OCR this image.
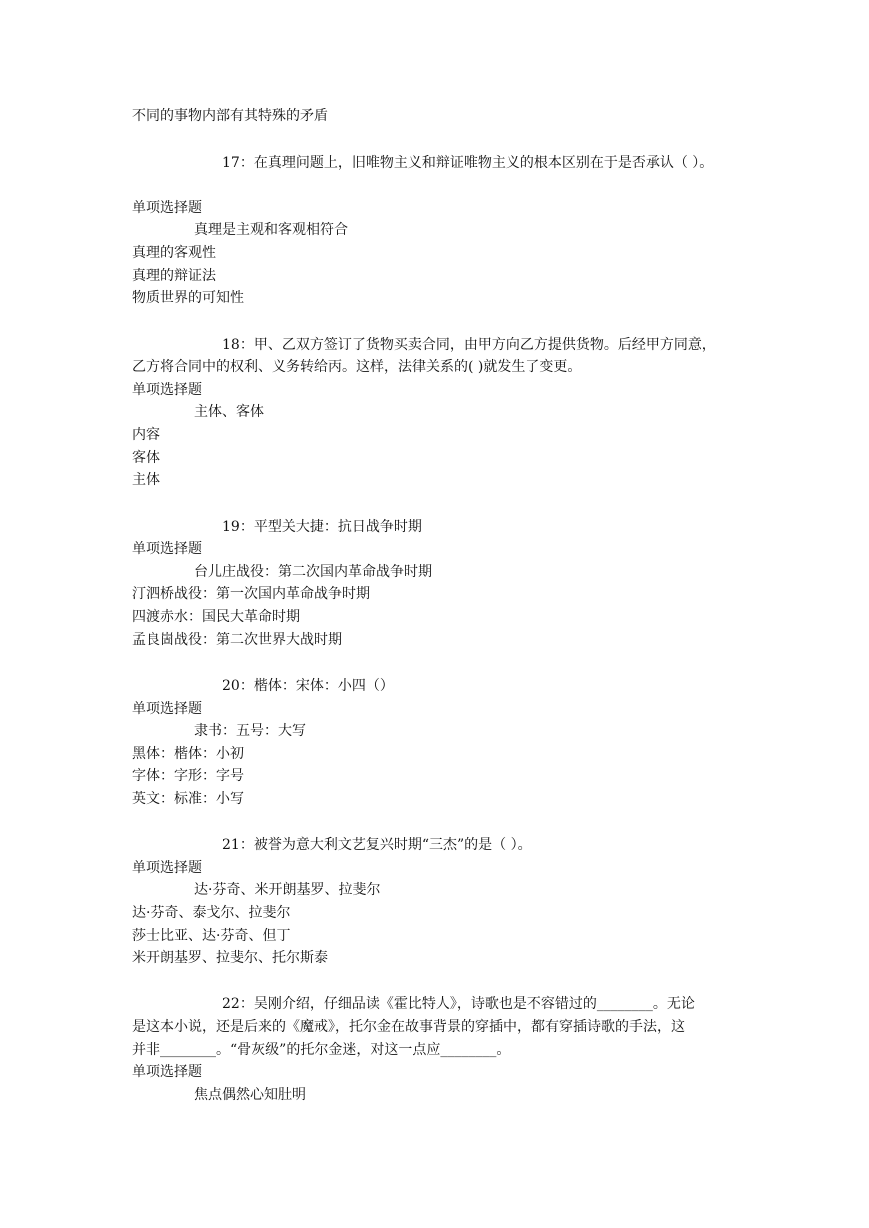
不同的事物内部有其特殊的矛盾
17：在真理问题上，旧唯物主义和辩证唯物主义的根本区别在于是否承认（ ）。
单项选择题
真理是主观和客观相符合
真理的客观性
真理的辩证法
物质世界的可知性
18：甲、乙双方签订了货物买卖合同，由甲方向乙方提供货物。后经甲方同意，
乙方将合同中的权利、义务转给丙。这样，法律关系的( )就发生了变更。
单项选择题
主体、客体
内容
客体
主体
19：平型关大捷：抗日战争时期
单项选择题
台儿庄战役：第二次国内革命战争时期
汀泗桥战役：第一次国内革命战争时期
四渡赤水：国民大革命时期
孟良崮战役：第二次世界大战时期
20：楷体：宋体：小四（）
单项选择题
隶书：五号：大写
黑体：楷体：小初
字体：字形：字号
英文：标准：小写
21：被誉为意大利文艺复兴时期“三杰”的是（ ）。
单项选择题
达·芬奇、米开朗基罗、拉斐尔
达·芬奇、泰戈尔、拉斐尔
莎士比亚、达·芬奇、但丁
米开朗基罗、拉斐尔、托尔斯泰
22：吴刚介绍，仔细品读《霍比特人》，诗歌也是不容错过的________。无论
是这本小说，还是后来的《魔戒》，托尔金在故事背景的穿插中，都有穿插诗歌的手法，这
并非________。“骨灰级”的托尔金迷，对这一点应________。
单项选择题
焦点偶然心知肚明
